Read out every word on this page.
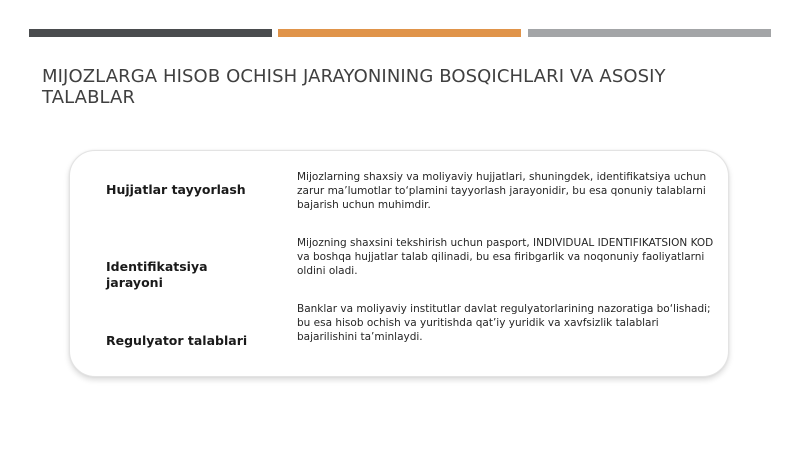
MIJOZLARGA HISOB OCHISH JARAYONINING BOSQICHLARI VA ASOSIY TALABLAR
Hujjatlar tayyorlash
Mijozlarning shaxsiy va moliyaviy hujjatlari, shuningdek, identifikatsiya uchun zarur ma’lumotlar to‘plamini tayyorlash jarayonidir, bu esa qonuniy talablarni bajarish uchun muhimdir.
Identifikatsiya jarayoni
Mijozning shaxsini tekshirish uchun pasport, INDIVIDUAL IDENTIFIKATSION KOD va boshqa hujjatlar talab qilinadi, bu esa firibgarlik va noqonuniy faoliyatlarni oldini oladi.
Regulyator talablari
Banklar va moliyaviy institutlar davlat regulyatorlarining nazoratiga bo‘lishadi; bu esa hisob ochish va yuritishda qat’iy yuridik va xavfsizlik talablari bajarilishini ta’minlaydi.
